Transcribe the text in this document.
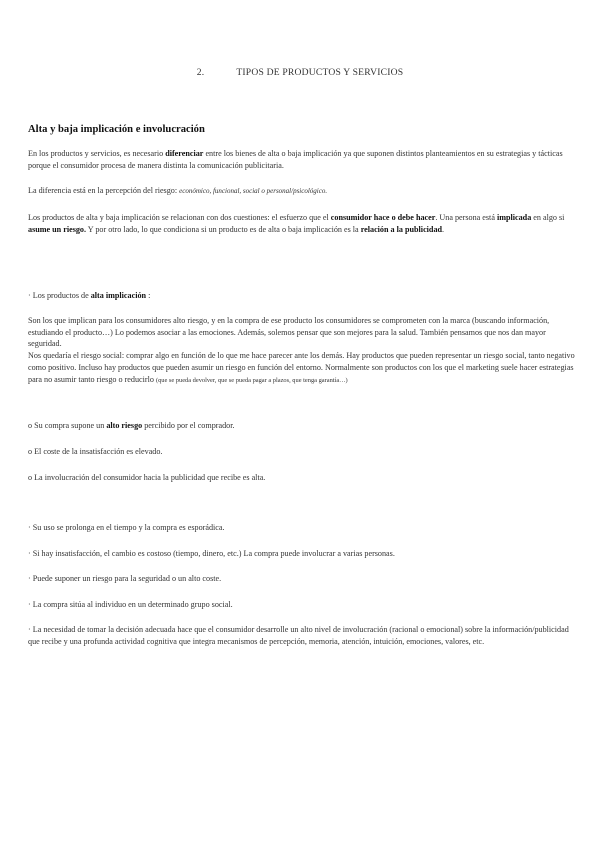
2.	TIPOS DE PRODUCTOS Y SERVICIOS
Alta y baja implicación e involucración
En los productos y servicios, es necesario diferenciar entre los bienes de alta o baja implicación ya que suponen distintos planteamientos en su estrategias y tácticas porque el consumidor procesa de manera distinta la comunicación publicitaria.
La diferencia está en la percepción del riesgo: económico, funcional, social o personal/psicológico.
Los productos de alta y baja implicación se relacionan con dos cuestiones: el esfuerzo que el consumidor hace o debe hacer. Una persona está implicada en algo si asume un riesgo. Y por otro lado, lo que condiciona si un producto es de alta o baja implicación es la relación a la publicidad.
· Los productos de alta implicación :
Son los que implican para los consumidores alto riesgo, y en la compra de ese producto los consumidores se comprometen con la marca (buscando información, estudiando el producto…) Lo podemos asociar a las emociones. Además, solemos pensar que son mejores para la salud. También pensamos que nos dan mayor seguridad.
Nos quedaría el riesgo social: comprar algo en función de lo que me hace parecer ante los demás. Hay productos que pueden representar un riesgo social, tanto negativo como positivo. Incluso hay productos que pueden asumir un riesgo en función del entorno. Normalmente son productos con los que el marketing suele hacer estrategias para no asumir tanto riesgo o reducirlo (que se pueda devolver, que se pueda pagar a plazos, que tenga garantía…)
o Su compra supone un alto riesgo percibido por el comprador.
o El coste de la insatisfacción es elevado.
o La involucración del consumidor hacia la publicidad que recibe es alta.
· Su uso se prolonga en el tiempo y la compra es esporádica.
· Si hay insatisfacción, el cambio es costoso (tiempo, dinero, etc.) La compra puede involucrar a varias personas.
· Puede suponer un riesgo para la seguridad o un alto coste.
· La compra sitúa al individuo en un determinado grupo social.
· La necesidad de tomar la decisión adecuada hace que el consumidor desarrolle un alto nivel de involucración (racional o emocional) sobre la información/publicidad que recibe y una profunda actividad cognitiva que integra mecanismos de percepción, memoria, atención, intuición, emociones, valores, etc.
